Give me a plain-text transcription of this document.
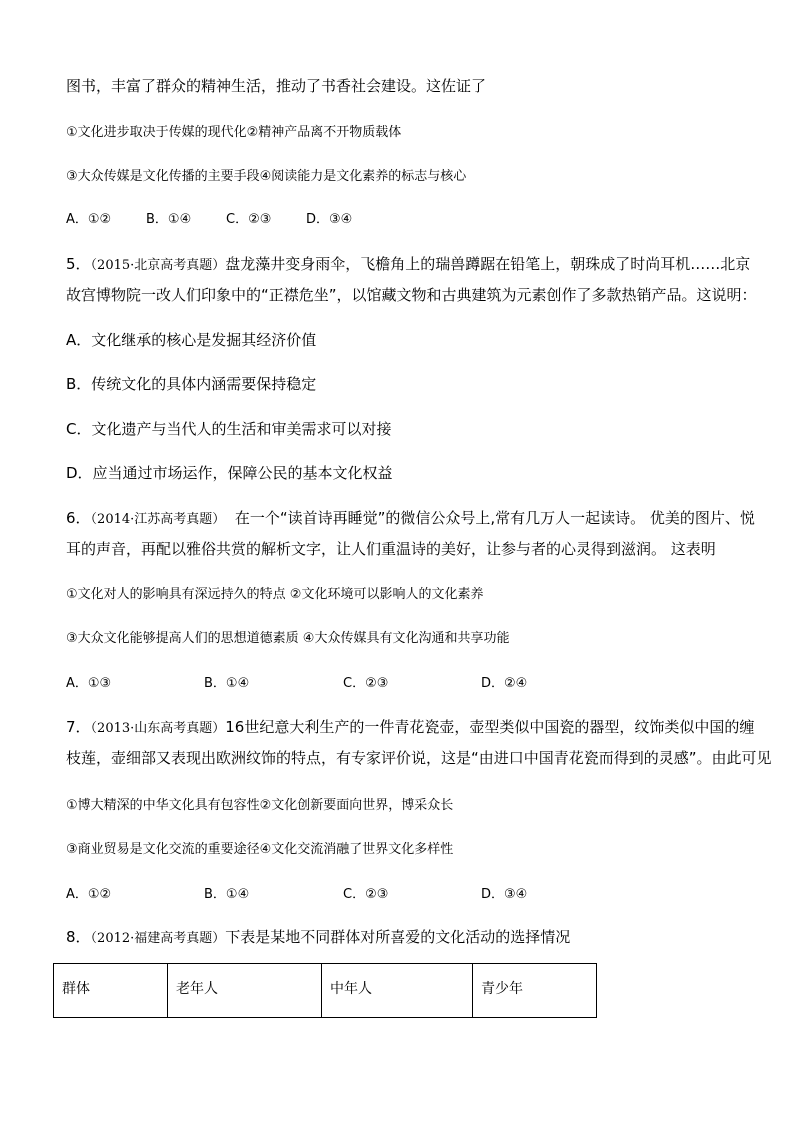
图书，丰富了群众的精神生活，推动了书香社会建设。这佐证了
①文化进步取决于传媒的现代化②精神产品离不开物质载体
③大众传媒是文化传播的主要手段④阅读能力是文化素养的标志与核心
A．①②	B．①④	C．②③	D．③④
5．（2015·北京高考真题）盘龙藻井变身雨伞，飞檐角上的瑞兽蹲踞在铅笔上，朝珠成了时尚耳机……北京
故宫博物院一改人们印象中的“正襟危坐”，以馆藏文物和古典建筑为元素创作了多款热销产品。这说明：
A．文化继承的核心是发掘其经济价值
B．传统文化的具体内涵需要保持稳定
C．文化遗产与当代人的生活和审美需求可以对接
D．应当通过市场运作，保障公民的基本文化权益
6．（2014·江苏高考真题） 在一个“读首诗再睡觉”的微信公众号上,常有几万人一起读诗。 优美的图片、悦
耳的声音，再配以雅俗共赏的解析文字，让人们重温诗的美好，让参与者的心灵得到滋润。 这表明
①文化对人的影响具有深远持久的特点 ②文化环境可以影响人的文化素养
③大众文化能够提高人们的思想道德素质 ④大众传媒具有文化沟通和共享功能
A．①③	B．①④	C．②③	D．②④
7．（2013·山东高考真题）16世纪意大利生产的一件青花瓷壶，壶型类似中国瓷的器型，纹饰类似中国的缠
枝莲，壶细部又表现出欧洲纹饰的特点，有专家评价说，这是“由进口中国青花瓷而得到的灵感”。由此可见
①博大精深的中华文化具有包容性②文化创新要面向世界，博采众长
③商业贸易是文化交流的重要途径④文化交流消融了世界文化多样性
A．①②	B．①④	C．②③	D．③④
8．（2012·福建高考真题）下表是某地不同群体对所喜爱的文化活动的选择情况
群体	老年人	中年人	青少年
